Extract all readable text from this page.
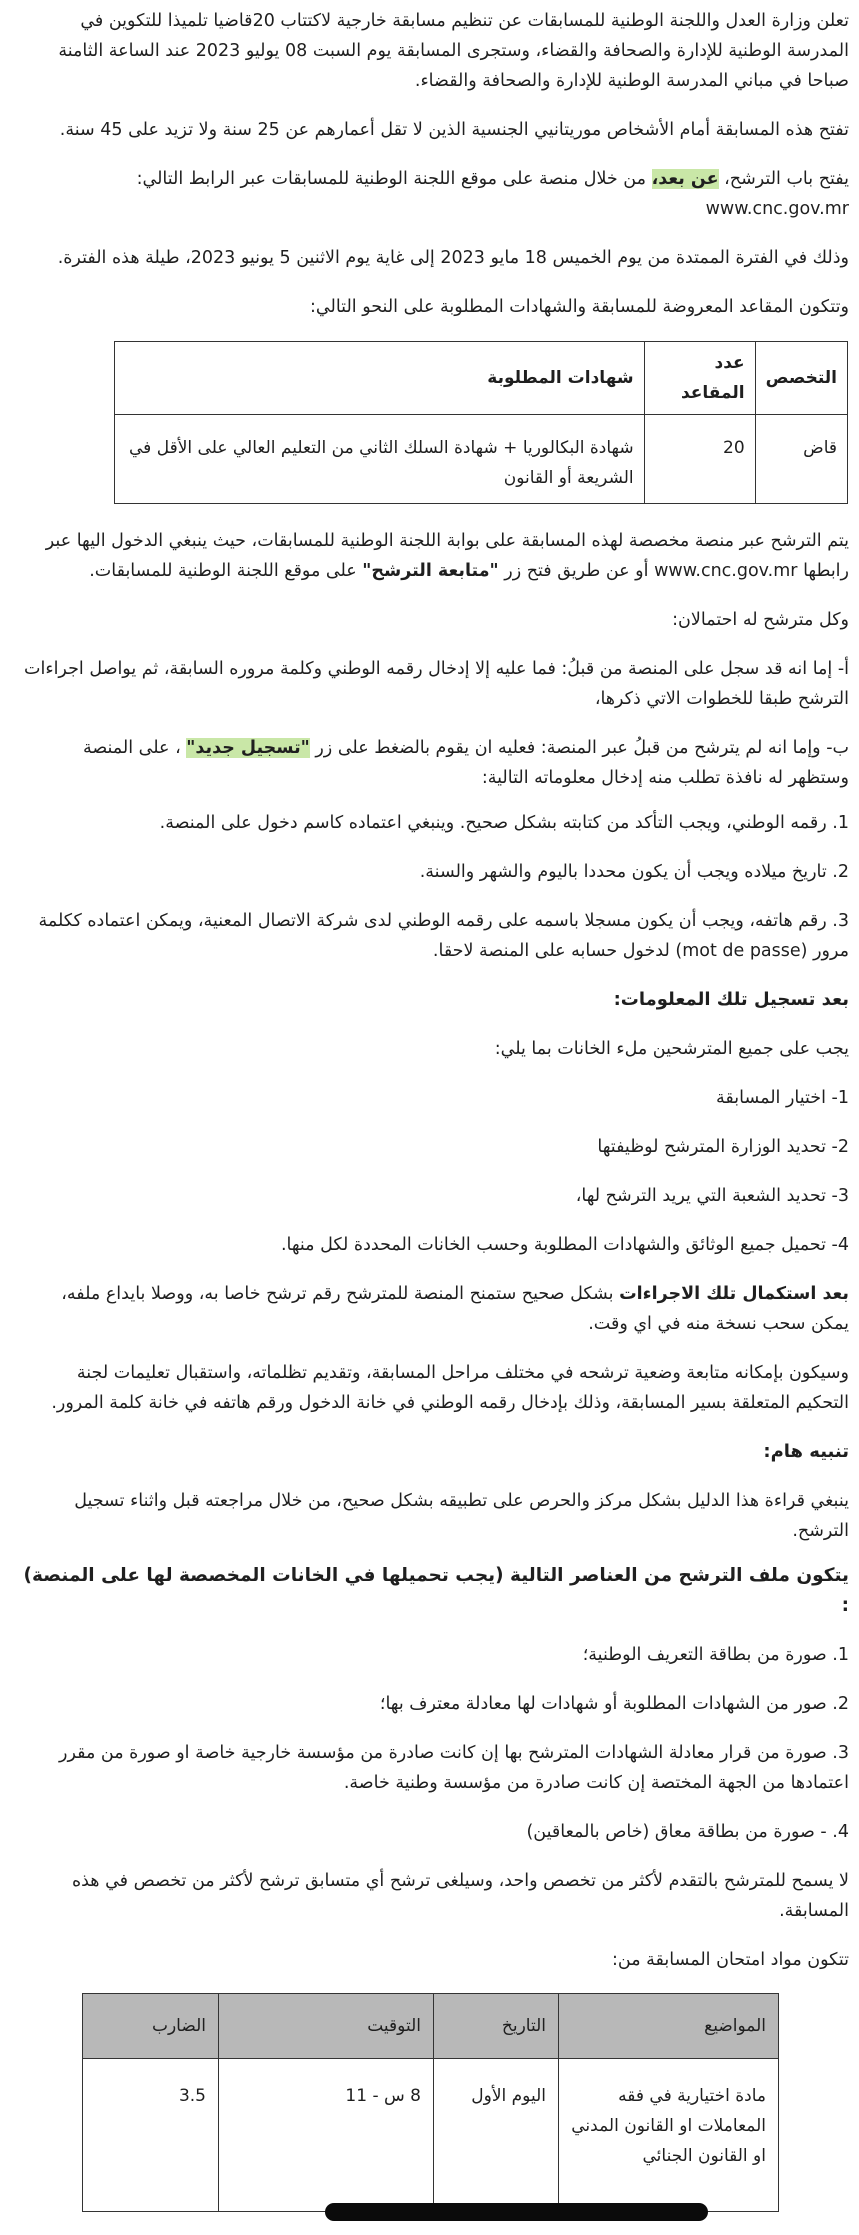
تعلن وزارة العدل واللجنة الوطنية للمسابقات عن تنظيم مسابقة خارجية لاكتتاب 20قاضيا تلميذا للتكوين في المدرسة الوطنية للإدارة والصحافة والقضاء، وستجرى المسابقة يوم السبت 08 يوليو 2023 عند الساعة الثامنة صباحا في مباني المدرسة الوطنية للإدارة والصحافة والقضاء.

تفتح هذه المسابقة أمام الأشخاص موريتانيي الجنسية الذين لا تقل أعمارهم عن 25 سنة ولا تزيد على 45 سنة.

يفتح باب الترشح، عن بعد، من خلال منصة على موقع اللجنة الوطنية للمسابقات عبر الرابط التالي:
www.cnc.gov.mr

وذلك في الفترة الممتدة من يوم الخميس 18 مايو 2023 إلى غاية يوم الاثنين 5 يونيو 2023، طيلة هذه الفترة.

وتتكون المقاعد المعروضة للمسابقة والشهادات المطلوبة على النحو التالي:

التخصص	عدد المقاعد	شهادات المطلوبة
قاض	20	شهادة البكالوريا + شهادة السلك الثاني من التعليم العالي على الأقل في الشريعة أو القانون

يتم الترشح عبر منصة مخصصة لهذه المسابقة على بوابة اللجنة الوطنية للمسابقات، حيث ينبغي الدخول اليها عبر رابطها www.cnc.gov.mr أو عن طريق فتح زر "متابعة الترشح" على موقع اللجنة الوطنية للمسابقات.

وكل مترشح له احتمالان:

أ- إما انه قد سجل على المنصة من قبلُ: فما عليه إلا إدخال رقمه الوطني وكلمة مروره السابقة، ثم يواصل اجراءات الترشح طبقا للخطوات الاتي ذكرها،

ب- وإما انه لم يترشح من قبلُ عبر المنصة: فعليه ان يقوم بالضغط على زر "تسجيل جديد" ، على المنصة وستظهر له نافذة تطلب منه إدخال معلوماته التالية:

1. رقمه الوطني، ويجب التأكد من كتابته بشكل صحيح. وينبغي اعتماده كاسم دخول على المنصة.

2. تاريخ ميلاده ويجب أن يكون محددا باليوم والشهر والسنة.

3. رقم هاتفه، ويجب أن يكون مسجلا باسمه على رقمه الوطني لدى شركة الاتصال المعنية، ويمكن اعتماده ككلمة مرور (mot de passe) لدخول حسابه على المنصة لاحقا.

بعد تسجيل تلك المعلومات:

يجب على جميع المترشحين ملء الخانات بما يلي:

1- اختيار المسابقة

2- تحديد الوزارة المترشح لوظيفتها

3- تحديد الشعبة التي يريد الترشح لها،

4- تحميل جميع الوثائق والشهادات المطلوبة وحسب الخانات المحددة لكل منها.

بعد استكمال تلك الاجراءات بشكل صحيح ستمنح المنصة للمترشح رقم ترشح خاصا به، ووصلا بايداع ملفه، يمكن سحب نسخة منه في اي وقت.

وسيكون بإمكانه متابعة وضعية ترشحه في مختلف مراحل المسابقة، وتقديم تظلماته، واستقبال تعليمات لجنة التحكيم المتعلقة بسير المسابقة، وذلك بإدخال رقمه الوطني في خانة الدخول ورقم هاتفه في خانة كلمة المرور.

تنبيه هام:

ينبغي قراءة هذا الدليل بشكل مركز والحرص على تطبيقه بشكل صحيح، من خلال مراجعته قبل واثناء تسجيل الترشح.

يتكون ملف الترشح من العناصر التالية (يجب تحميلها في الخانات المخصصة لها على المنصة) :

1. صورة من بطاقة التعريف الوطنية؛

2. صور من الشهادات المطلوبة أو شهادات لها معادلة معترف بها؛

3. صورة من قرار معادلة الشهادات المترشح بها إن كانت صادرة من مؤسسة خارجية خاصة او صورة من مقرر اعتمادها من الجهة المختصة إن كانت صادرة من مؤسسة وطنية خاصة.

4. - صورة من بطاقة معاق (خاص بالمعاقين)

لا يسمح للمترشح بالتقدم لأكثر من تخصص واحد، وسيلغى ترشح أي متسابق ترشح لأكثر من تخصص في هذه المسابقة.

تتكون مواد امتحان المسابقة من:

المواضيع	التاريخ	التوقيت	الضارب
مادة اختيارية في فقه المعاملات او القانون المدني او القانون الجنائي	اليوم الأول	8 س - 11	3.5
